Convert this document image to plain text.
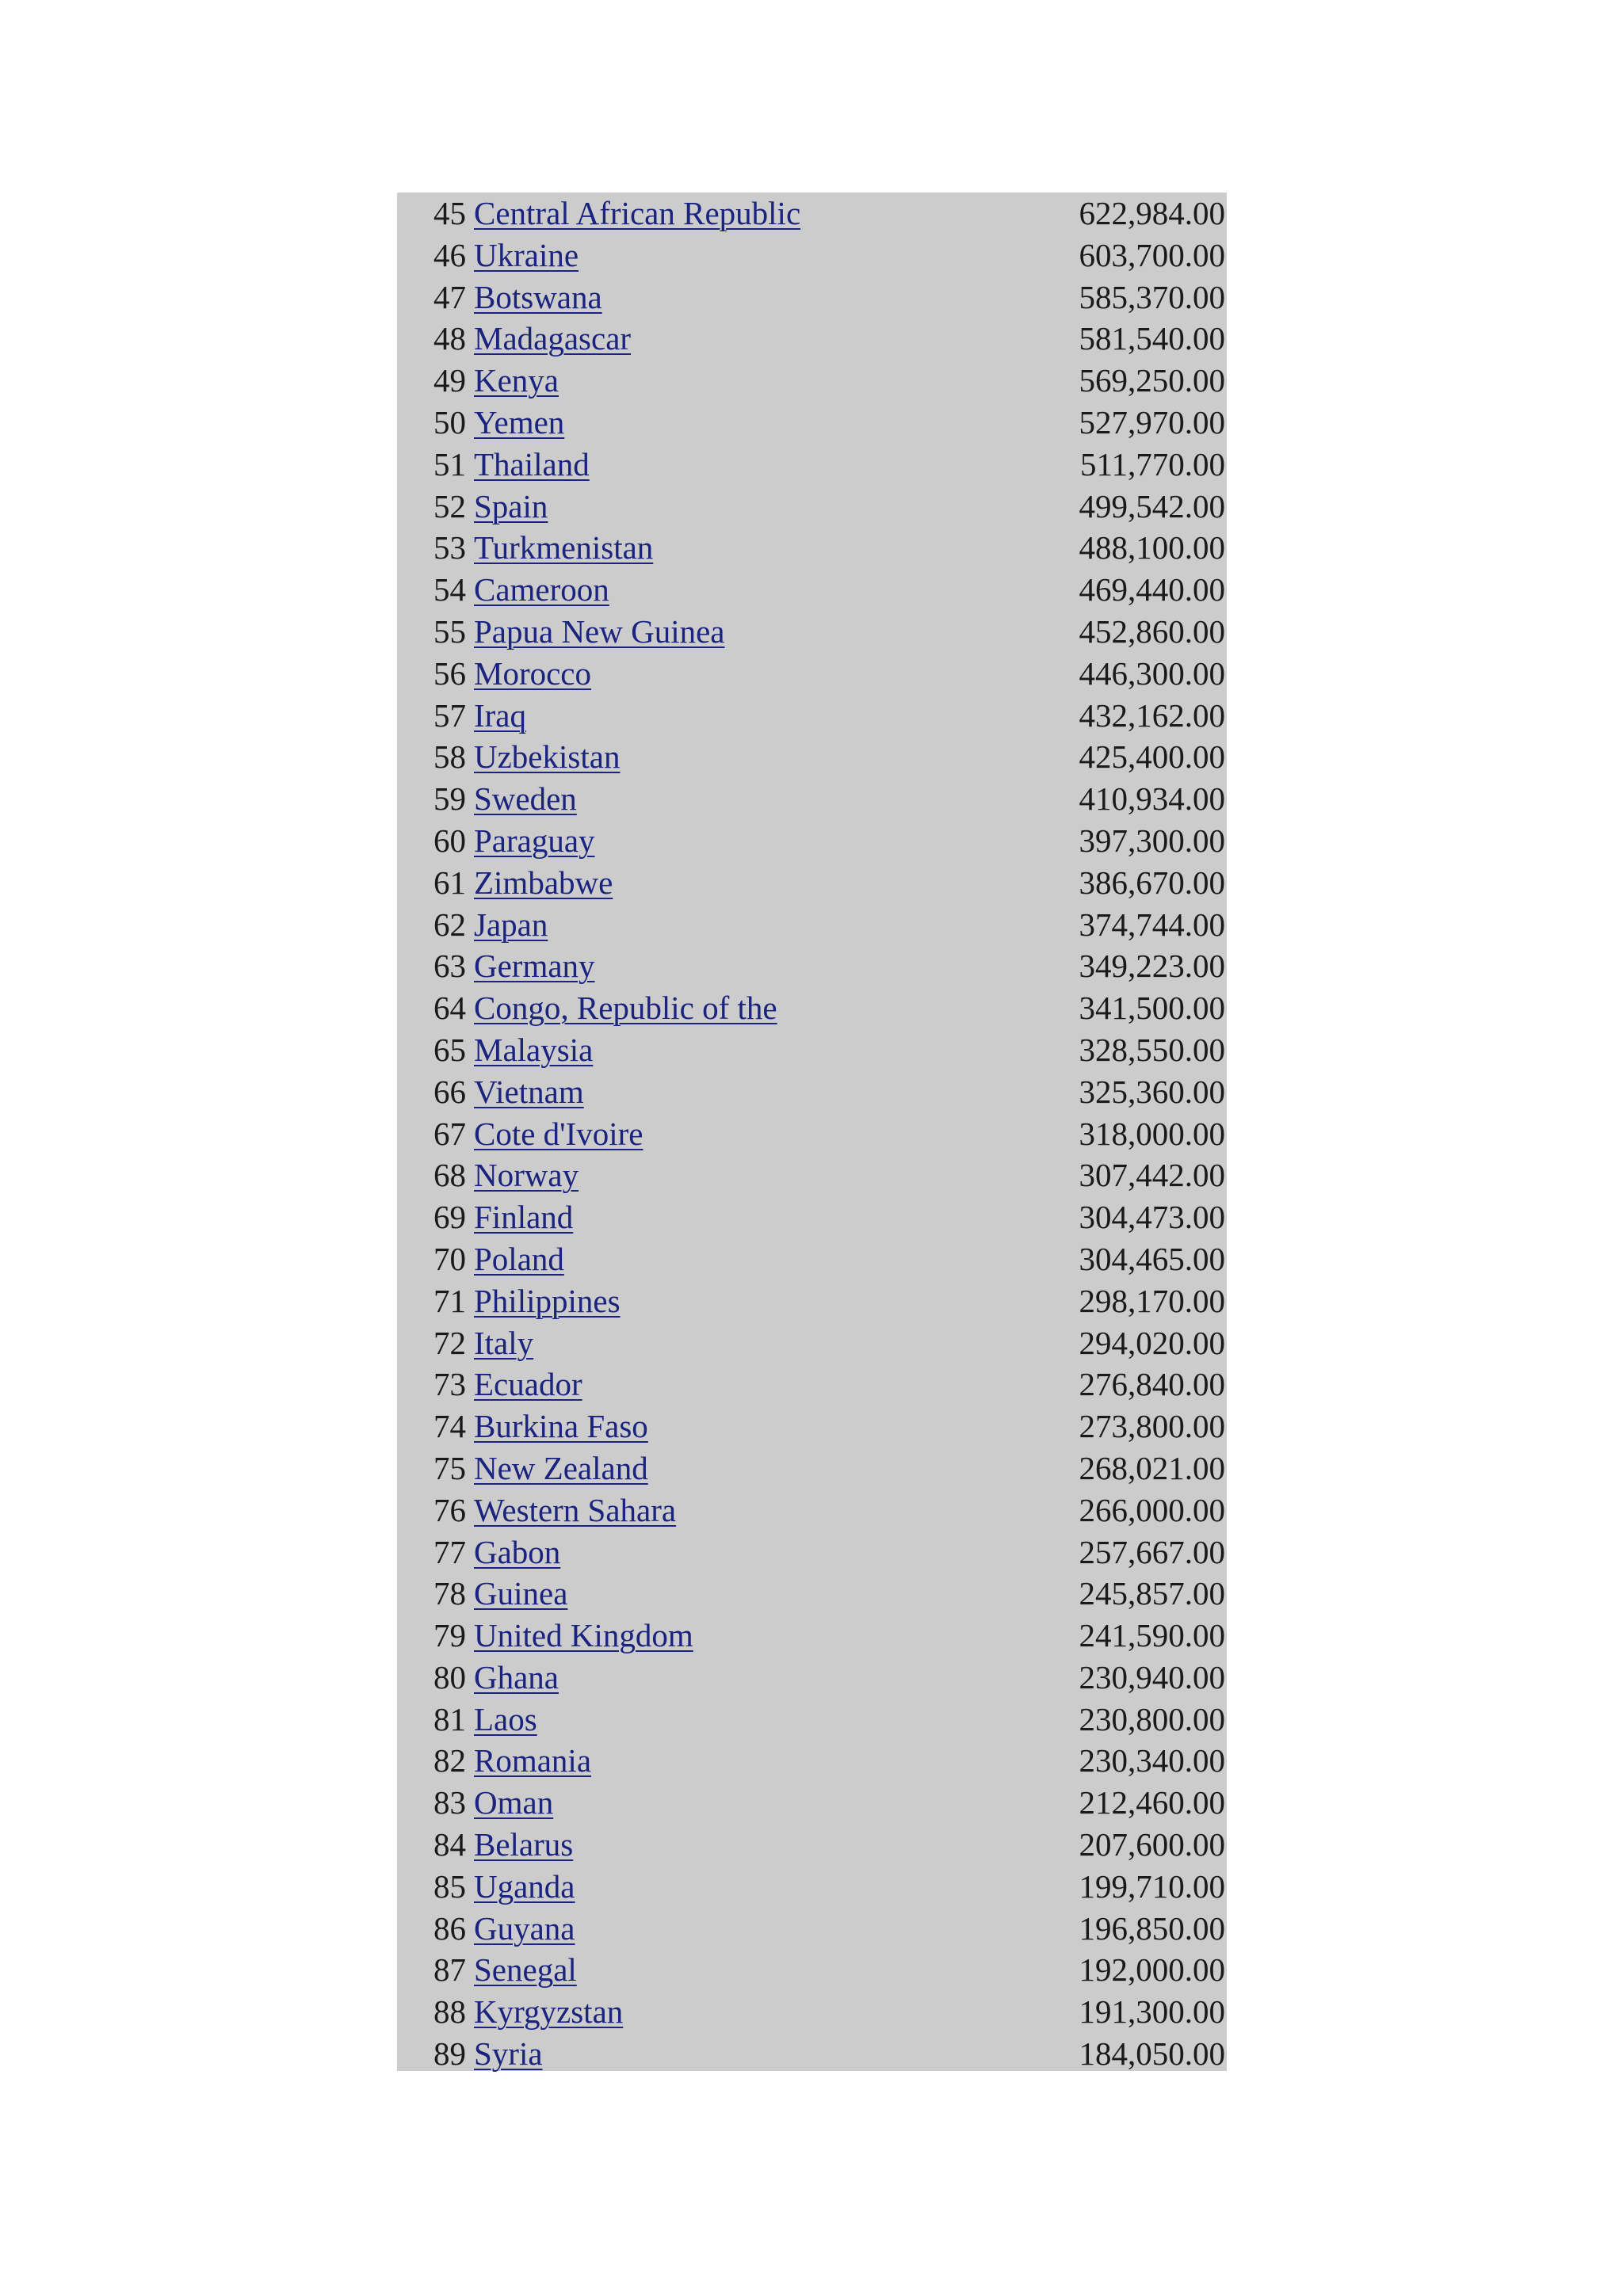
45 Central African Republic	622,984.00
46 Ukraine	603,700.00
47 Botswana	585,370.00
48 Madagascar	581,540.00
49 Kenya	569,250.00
50 Yemen	527,970.00
51 Thailand	511,770.00
52 Spain	499,542.00
53 Turkmenistan	488,100.00
54 Cameroon	469,440.00
55 Papua New Guinea	452,860.00
56 Morocco	446,300.00
57 Iraq	432,162.00
58 Uzbekistan	425,400.00
59 Sweden	410,934.00
60 Paraguay	397,300.00
61 Zimbabwe	386,670.00
62 Japan	374,744.00
63 Germany	349,223.00
64 Congo, Republic of the	341,500.00
65 Malaysia	328,550.00
66 Vietnam	325,360.00
67 Cote d'Ivoire	318,000.00
68 Norway	307,442.00
69 Finland	304,473.00
70 Poland	304,465.00
71 Philippines	298,170.00
72 Italy	294,020.00
73 Ecuador	276,840.00
74 Burkina Faso	273,800.00
75 New Zealand	268,021.00
76 Western Sahara	266,000.00
77 Gabon	257,667.00
78 Guinea	245,857.00
79 United Kingdom	241,590.00
80 Ghana	230,940.00
81 Laos	230,800.00
82 Romania	230,340.00
83 Oman	212,460.00
84 Belarus	207,600.00
85 Uganda	199,710.00
86 Guyana	196,850.00
87 Senegal	192,000.00
88 Kyrgyzstan	191,300.00
89 Syria	184,050.00
